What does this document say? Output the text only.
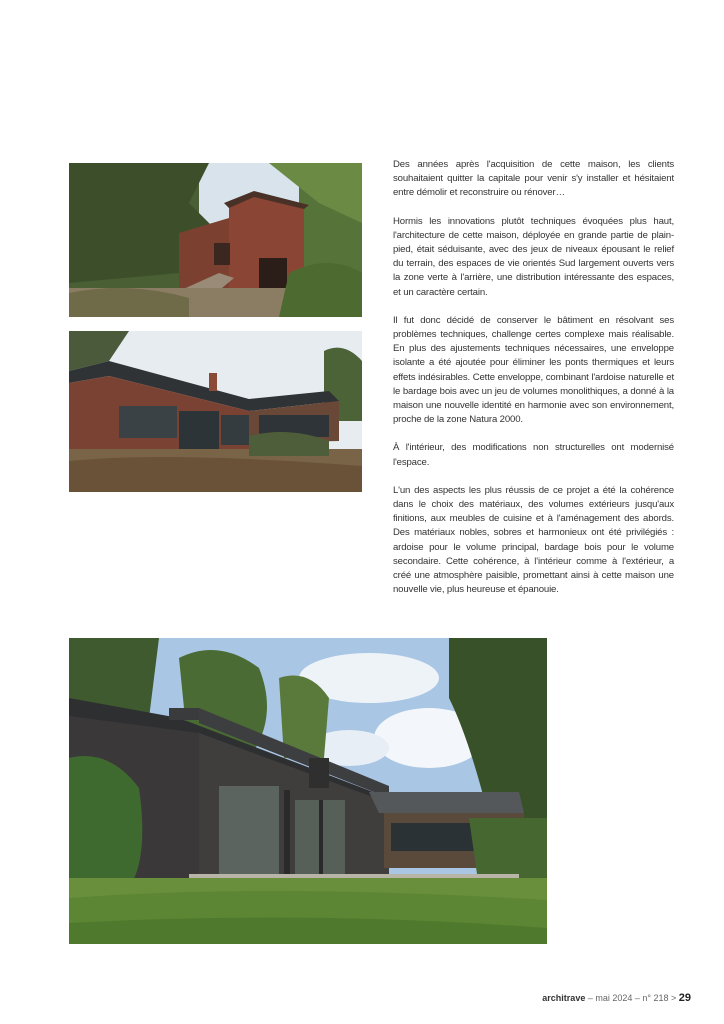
Des années après l'acquisition de cette maison, les clients souhaitaient quitter la capitale pour venir s'y installer et hésitaient entre démolir et reconstruire ou rénover…

Hormis les innovations plutôt techniques évoquées plus haut, l'architecture de cette maison, déployée en grande partie de plain-pied, était séduisante, avec des jeux de niveaux épousant le relief du terrain, des espaces de vie orientés Sud largement ouverts vers la zone verte à l'arrière, une distribution intéressante des espaces, et un caractère certain.

Il fut donc décidé de conserver le bâtiment en résolvant ses problèmes techniques, challenge certes complexe mais réalisable. En plus des ajustements techniques nécessaires, une enveloppe isolante a été ajoutée pour éliminer les ponts thermiques et leurs effets indésirables. Cette enveloppe, combinant l'ardoise naturelle et le bardage bois avec un jeu de volumes monolithiques, a donné à la maison une nouvelle identité en harmonie avec son environnement, proche de la zone Natura 2000.

À l'intérieur, des modifications non structurelles ont modernisé l'espace.

L'un des aspects les plus réussis de ce projet a été la cohérence dans le choix des matériaux, des volumes extérieurs jusqu'aux finitions, aux meubles de cuisine et à l'aménagement des abords. Des matériaux nobles, sobres et harmonieux ont été privilégiés : ardoise pour le volume principal, bardage bois pour le volume secondaire. Cette cohérence, à l'intérieur comme à l'extérieur, a créé une atmosphère paisible, promettant ainsi à cette maison une nouvelle vie, plus heureuse et épanouie.

architrave – mai 2024 – n° 218 > 29
